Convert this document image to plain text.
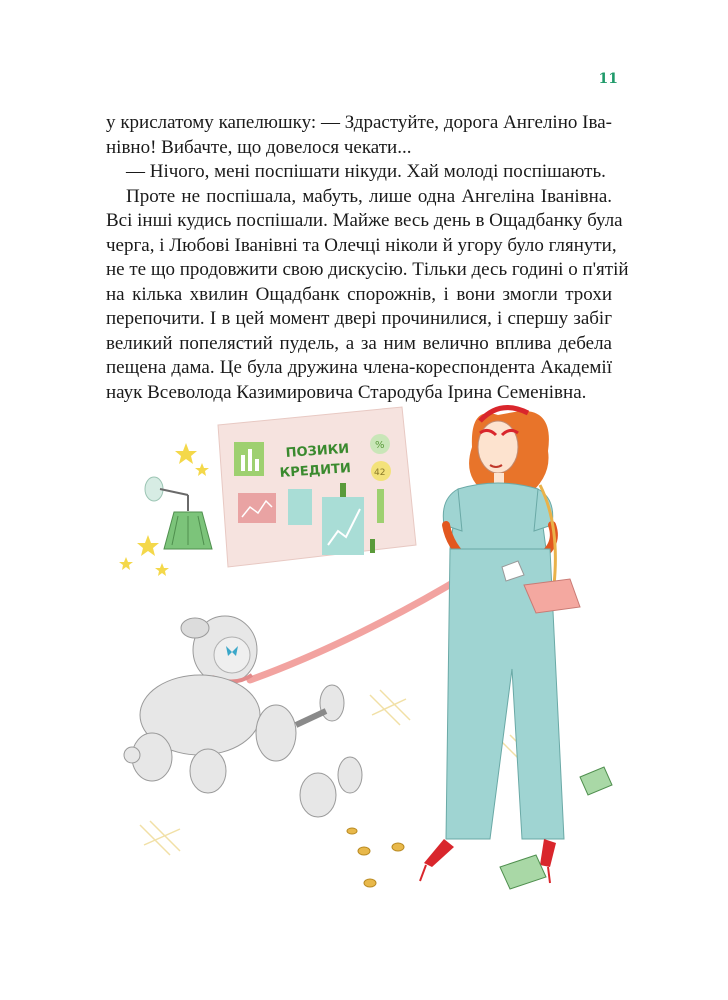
11
у крислатому капелюшку: — Здрастуйте, дорога Ангеліно Іва-
нівно! Вибачте, що довелося чекати...
— Нічого, мені поспішати нікуди. Хай молоді поспішають.
Проте не поспішала, мабуть, лише одна Ангеліна Іванівна.
Всі інші кудись поспішали. Майже весь день в Ощадбанку була
черга, і Любові Іванівні та Олечці ніколи й угору було глянути,
не те що продовжити свою дискусію. Тільки десь годині о п'ятій
на кілька хвилин Ощадбанк спорожнів, і вони змогли трохи
перепочити. І в цей момент двері прочинилися, і спершу забіг
великий попелястий пудель, а за ним велично вплива дебела
пещена дама. Це була дружина члена-кореспондента Академії
наук Всеволода Казимировича Стародуба Ірина Семенівна.
ПОЗИКИ
КРЕДИТИ
%
42
